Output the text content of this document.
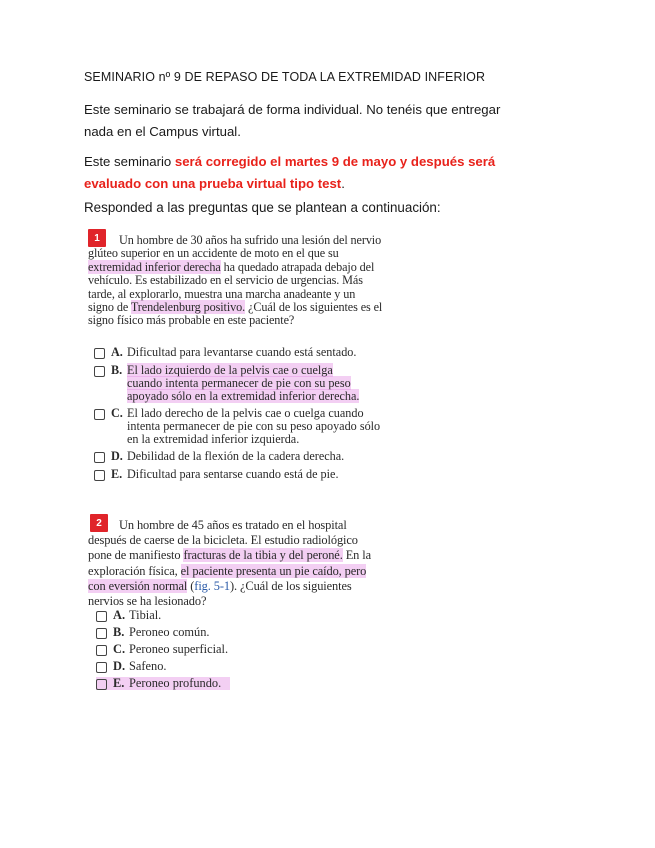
SEMINARIO nº 9 DE REPASO DE TODA LA EXTREMIDAD INFERIOR
Este seminario se trabajará de forma individual. No tenéis que entregar nada en el Campus virtual.
Este seminario será corregido el martes 9 de mayo y después será evaluado con una prueba virtual tipo test.
Responded a las preguntas que se plantean a continuación:
1	Un hombre de 30 años ha sufrido una lesión del nervio glúteo superior en un accidente de moto en el que su extremidad inferior derecha ha quedado atrapada debajo del vehículo. Es estabilizado en el servicio de urgencias. Más tarde, al explorarlo, muestra una marcha anadeante y un signo de Trendelenburg positivo. ¿Cuál de los siguientes es el signo físico más probable en este paciente?
A. Dificultad para levantarse cuando está sentado.
B. El lado izquierdo de la pelvis cae o cuelga cuando intenta permanecer de pie con su peso apoyado sólo en la extremidad inferior derecha.
C. El lado derecho de la pelvis cae o cuelga cuando intenta permanecer de pie con su peso apoyado sólo en la extremidad inferior izquierda.
D. Debilidad de la flexión de la cadera derecha.
E. Dificultad para sentarse cuando está de pie.
2	Un hombre de 45 años es tratado en el hospital después de caerse de la bicicleta. El estudio radiológico pone de manifiesto fracturas de la tibia y del peroné. En la exploración física, el paciente presenta un pie caído, pero con eversión normal (fig. 5-1). ¿Cuál de los siguientes nervios se ha lesionado?
A. Tibial.
B. Peroneo común.
C. Peroneo superficial.
D. Safeno.
E. Peroneo profundo.
